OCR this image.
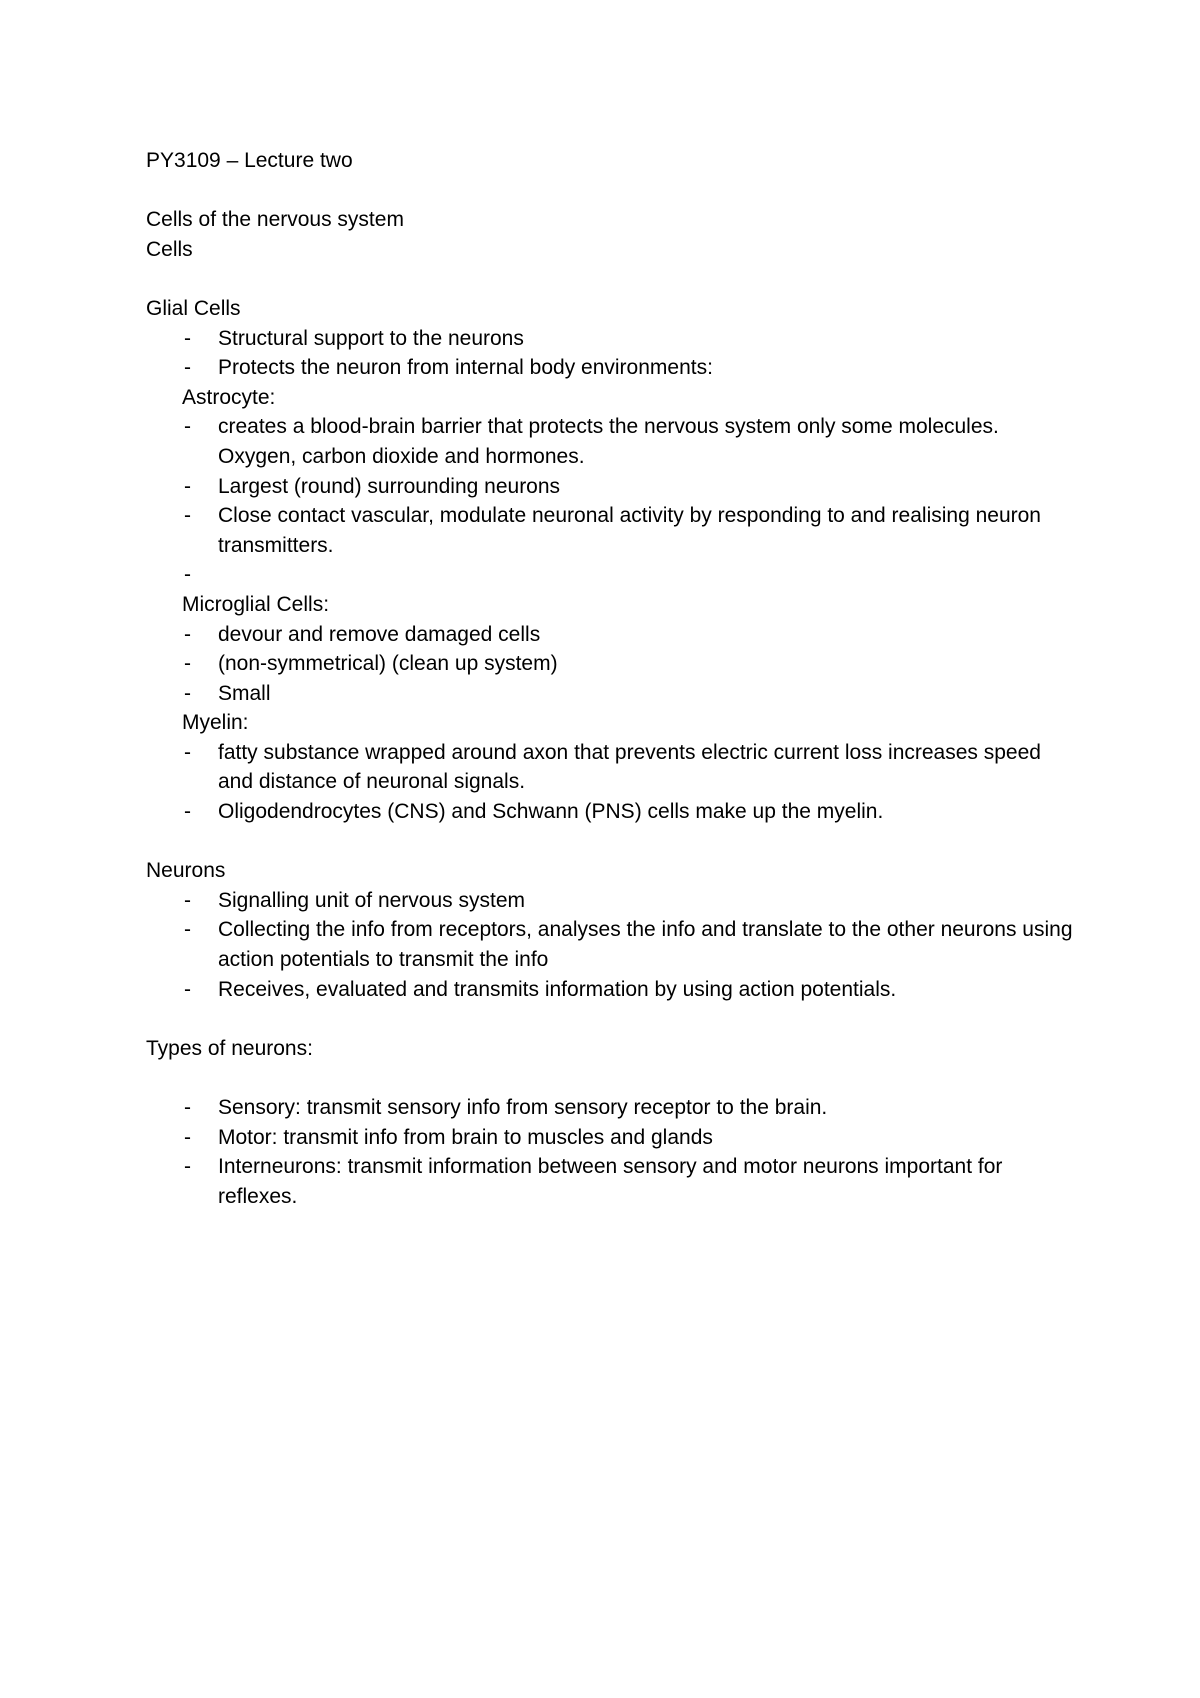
PY3109 – Lecture two

Cells of the nervous system

Cells

Glial Cells

- Structural support to the neurons
- Protects the neuron from internal body environments:

Astrocyte:

- creates a blood-brain barrier that protects the nervous system only some molecules. Oxygen, carbon dioxide and hormones.
- Largest (round) surrounding neurons
- Close contact vascular, modulate neuronal activity by responding to and realising neuron transmitters.
-

Microglial Cells:

- devour and remove damaged cells
- (non-symmetrical) (clean up system)
- Small

Myelin:

- fatty substance wrapped around axon that prevents electric current loss increases speed and distance of neuronal signals.
- Oligodendrocytes (CNS) and Schwann (PNS) cells make up the myelin.

Neurons

- Signalling unit of nervous system
- Collecting the info from receptors, analyses the info and translate to the other neurons using action potentials to transmit the info
- Receives, evaluated and transmits information by using action potentials.

Types of neurons:

- Sensory: transmit sensory info from sensory receptor to the brain.
- Motor: transmit info from brain to muscles and glands
- Interneurons: transmit information between sensory and motor neurons important for reflexes.
